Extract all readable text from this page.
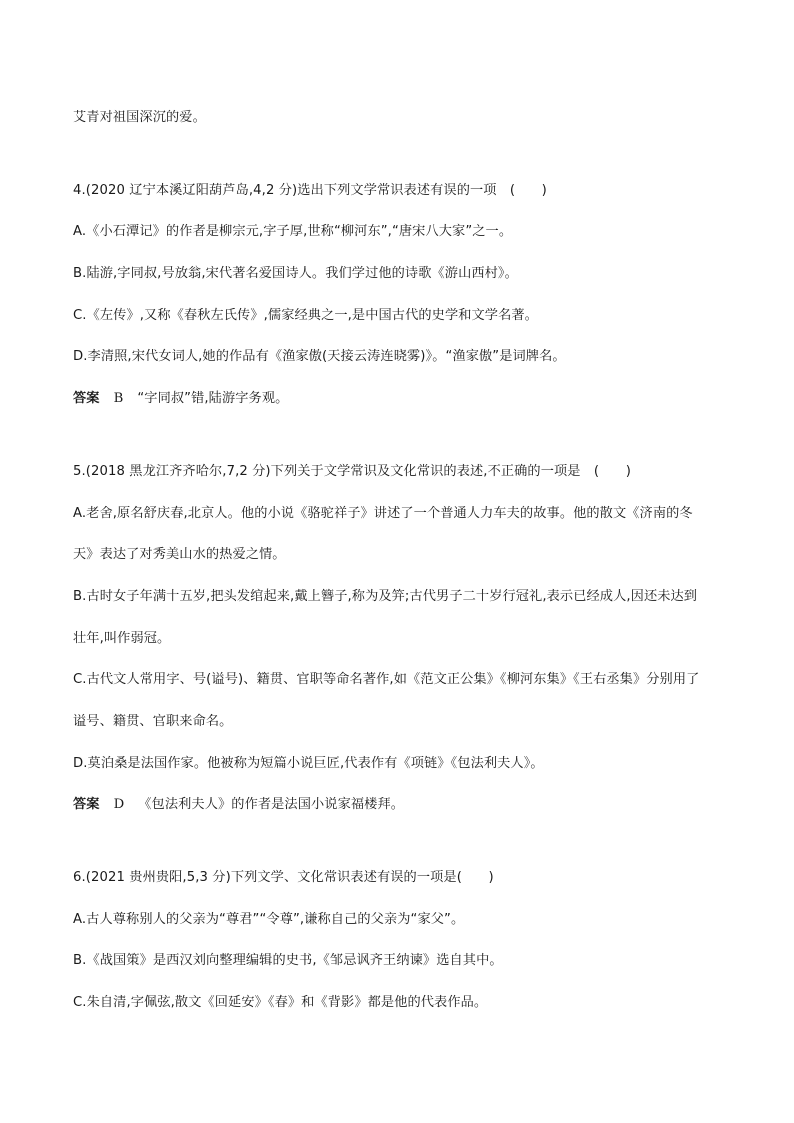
艾青对祖国深沉的爱。
4.(2020 辽宁本溪辽阳葫芦岛,4,2 分)选出下列文学常识表述有误的一项　(　　)
A.《小石潭记》的作者是柳宗元,字子厚,世称“柳河东”,“唐宋八大家”之一。
B.陆游,字同叔,号放翁,宋代著名爱国诗人。我们学过他的诗歌《游山西村》。
C.《左传》,又称《春秋左氏传》,儒家经典之一,是中国古代的史学和文学名著。
D.李清照,宋代女词人,她的作品有《渔家傲(天接云涛连晓雾)》。“渔家傲”是词牌名。
答案 B “字同叔”错,陆游字务观。
5.(2018 黑龙江齐齐哈尔,7,2 分)下列关于文学常识及文化常识的表述,不正确的一项是　(　　)
A.老舍,原名舒庆春,北京人。他的小说《骆驼祥子》讲述了一个普通人力车夫的故事。他的散文《济南的冬
天》表达了对秀美山水的热爱之情。
B.古时女子年满十五岁,把头发绾起来,戴上簪子,称为及笄;古代男子二十岁行冠礼,表示已经成人,因还未达到
壮年,叫作弱冠。
C.古代文人常用字、号(谥号)、籍贯、官职等命名著作,如《范文正公集》《柳河东集》《王右丞集》分别用了
谥号、籍贯、官职来命名。
D.莫泊桑是法国作家。他被称为短篇小说巨匠,代表作有《项链》《包法利夫人》。
答案 D 《包法利夫人》的作者是法国小说家福楼拜。
6.(2021 贵州贵阳,5,3 分)下列文学、文化常识表述有误的一项是(　　)
A.古人尊称别人的父亲为“尊君”“令尊”,谦称自己的父亲为“家父”。
B.《战国策》是西汉刘向整理编辑的史书,《邹忌讽齐王纳谏》选自其中。
C.朱自清,字佩弦,散文《回延安》《春》和《背影》都是他的代表作品。
